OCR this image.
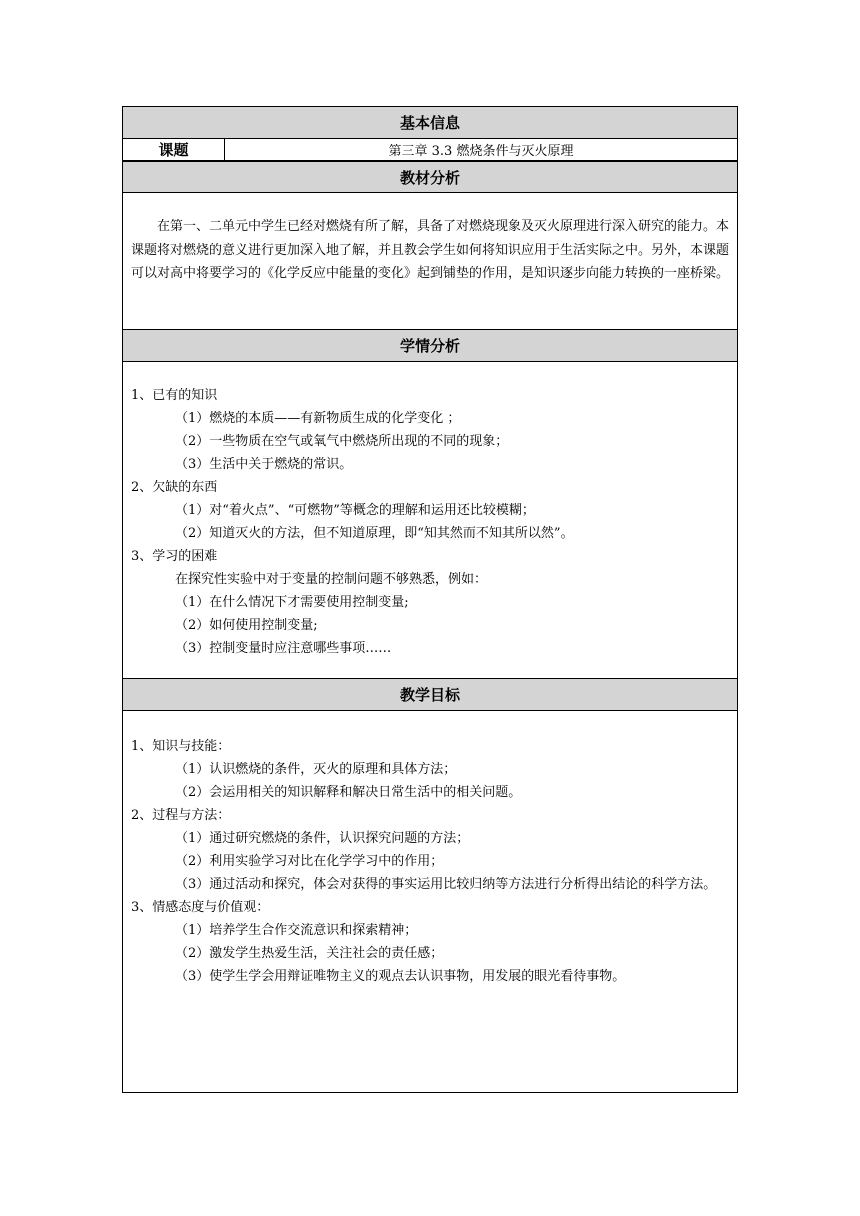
基本信息
课题	第三章 3.3 燃烧条件与灭火原理
教材分析

在第一、二单元中学生已经对燃烧有所了解，具备了对燃烧现象及灭火原理进行深入研究的能力。本课题将对燃烧的意义进行更加深入地了解，并且教会学生如何将知识应用于生活实际之中。另外，本课题可以对高中将要学习的《化学反应中能量的变化》起到铺垫的作用，是知识逐步向能力转换的一座桥梁。

学情分析
1、已有的知识
（1）燃烧的本质——有新物质生成的化学变化 ；
（2）一些物质在空气或氧气中燃烧所出现的不同的现象；
（3）生活中关于燃烧的常识。
2、欠缺的东西
（1）对“着火点”、“可燃物”等概念的理解和运用还比较模糊；
（2）知道灭火的方法，但不知道原理，即“知其然而不知其所以然”。
3、学习的困难
在探究性实验中对于变量的控制问题不够熟悉，例如：
（1）在什么情况下才需要使用控制变量;
（2）如何使用控制变量;
（3）控制变量时应注意哪些事项……
教学目标
1、知识与技能：
（1）认识燃烧的条件，灭火的原理和具体方法；
（2）会运用相关的知识解释和解决日常生活中的相关问题。
2、过程与方法：
（1）通过研究燃烧的条件，认识探究问题的方法；
（2）利用实验学习对比在化学学习中的作用；
（3）通过活动和探究，体会对获得的事实运用比较归纳等方法进行分析得出结论的科学方法。
3、情感态度与价值观：
（1）培养学生合作交流意识和探索精神；
（2）激发学生热爱生活，关注社会的责任感；
（3）使学生学会用辩证唯物主义的观点去认识事物，用发展的眼光看待事物。
